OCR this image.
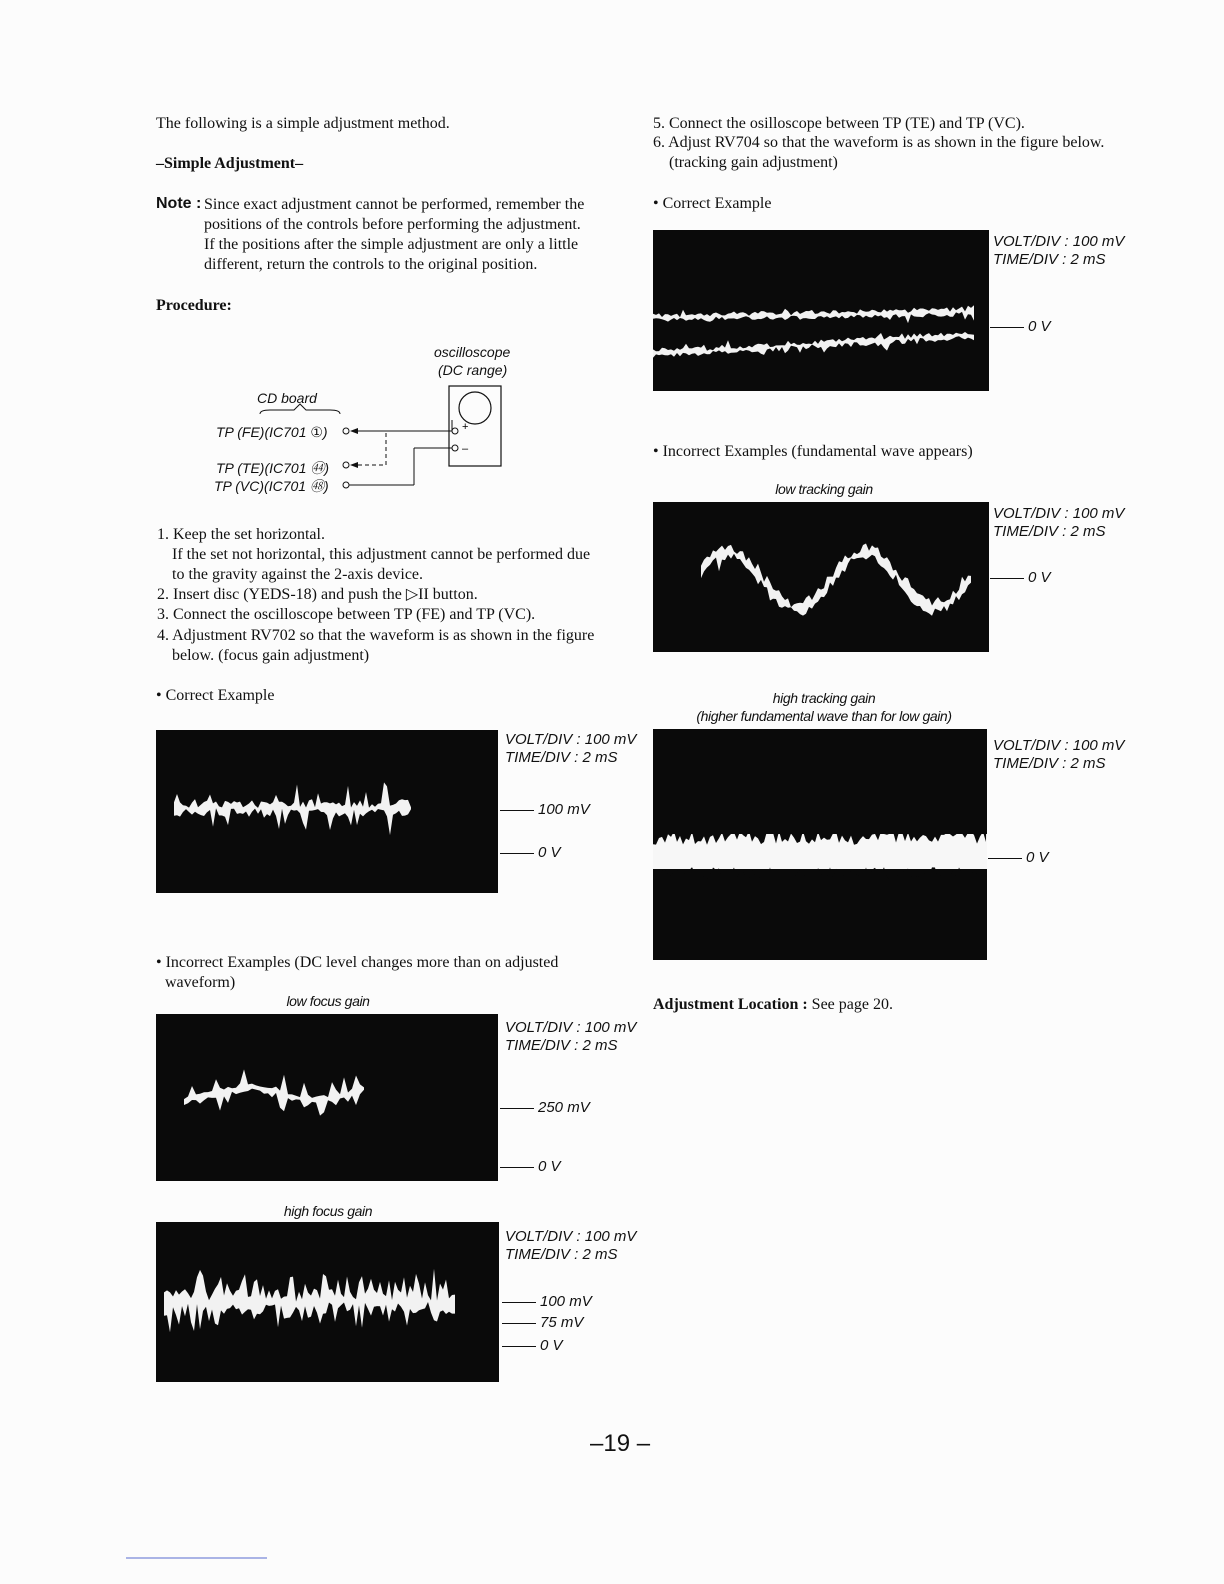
The following is a simple adjustment method.
–Simple Adjustment–
Note : Since exact adjustment cannot be performed, remember the
positions of the controls before performing the adjustment.
If the positions after the simple adjustment are only a little
different, return the controls to the original position.
Procedure:
oscilloscope
(DC range)
CD board
TP (FE)(IC701 ①)
TP (TE)(IC701 ㊹)
TP (VC)(IC701 ㊽)
+
–
1. Keep the set horizontal.
If the set not horizontal, this adjustment cannot be performed due
to the gravity against the 2-axis device.
2. Insert disc (YEDS-18) and push the ▷II button.
3. Connect the oscilloscope between TP (FE) and TP (VC).
4. Adjustment RV702 so that the waveform is as shown in the figure
below. (focus gain adjustment)
• Correct Example
VOLT/DIV : 100 mV
TIME/DIV : 2 mS
100 mV
0 V
• Incorrect Examples (DC level changes more than on adjusted
waveform)
low focus gain
VOLT/DIV : 100 mV
TIME/DIV : 2 mS
250 mV
0 V
high focus gain
VOLT/DIV : 100 mV
TIME/DIV : 2 mS
100 mV
75 mV
0 V
5. Connect the osilloscope between TP (TE) and TP (VC).
6. Adjust RV704 so that the waveform is as shown in the figure below.
(tracking gain adjustment)
• Correct Example
VOLT/DIV : 100 mV
TIME/DIV : 2 mS
0 V
• Incorrect Examples (fundamental wave appears)
low tracking gain
VOLT/DIV : 100 mV
TIME/DIV : 2 mS
0 V
high tracking gain
(higher fundamental wave than for low gain)
VOLT/DIV : 100 mV
TIME/DIV : 2 mS
0 V
Adjustment Location : See page 20.
–19 –
